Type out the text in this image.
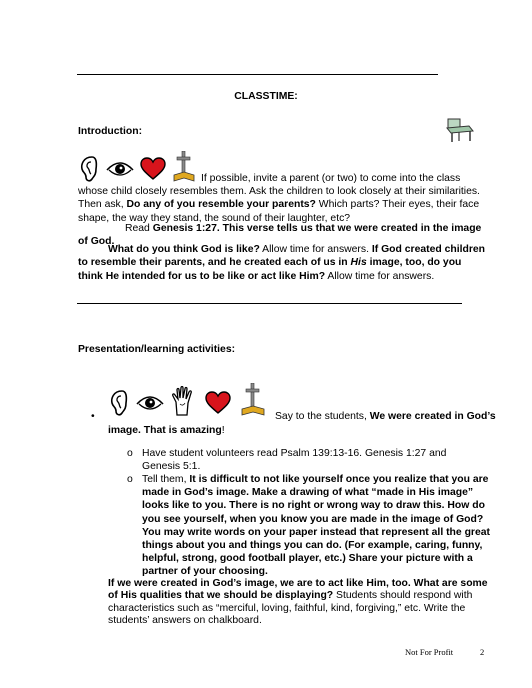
CLASSTIME:
Introduction:

If possible, invite a parent (or two) to come into the class whose child closely resembles them. Ask the children to look closely at their similarities. Then ask, Do any of you resemble your parents? Which parts? Their eyes, their face shape, the way they stand, the sound of their laughter, etc?
Read Genesis 1:27. This verse tells us that we were created in the image of God.
What do you think God is like? Allow time for answers. If God created children to resemble their parents, and he created each of us in His image, too, do you think He intended for us to be like or act like Him? Allow time for answers.
Presentation/learning activities:
•
	Say to the students, We were created in God’s image. That is amazing!
o Have student volunteers read Psalm 139:13-16. Genesis 1:27 and Genesis 5:1.
o Tell them, It is difficult to not like yourself once you realize that you are made in God’s image. Make a drawing of what “made in His image” looks like to you. There is no right or wrong way to draw this. How do you see yourself, when you know you are made in the image of God? You may write words on your paper instead that represent all the great things about you and things you can do. (For example, caring, funny, helpful, strong, good football player, etc.) Share your picture with a partner of your choosing.
If we were created in God’s image, we are to act like Him, too. What are some of His qualities that we should be displaying? Students should respond with characteristics such as “merciful, loving, faithful, kind, forgiving,” etc. Write the students’ answers on chalkboard.
Not For Profit	2
